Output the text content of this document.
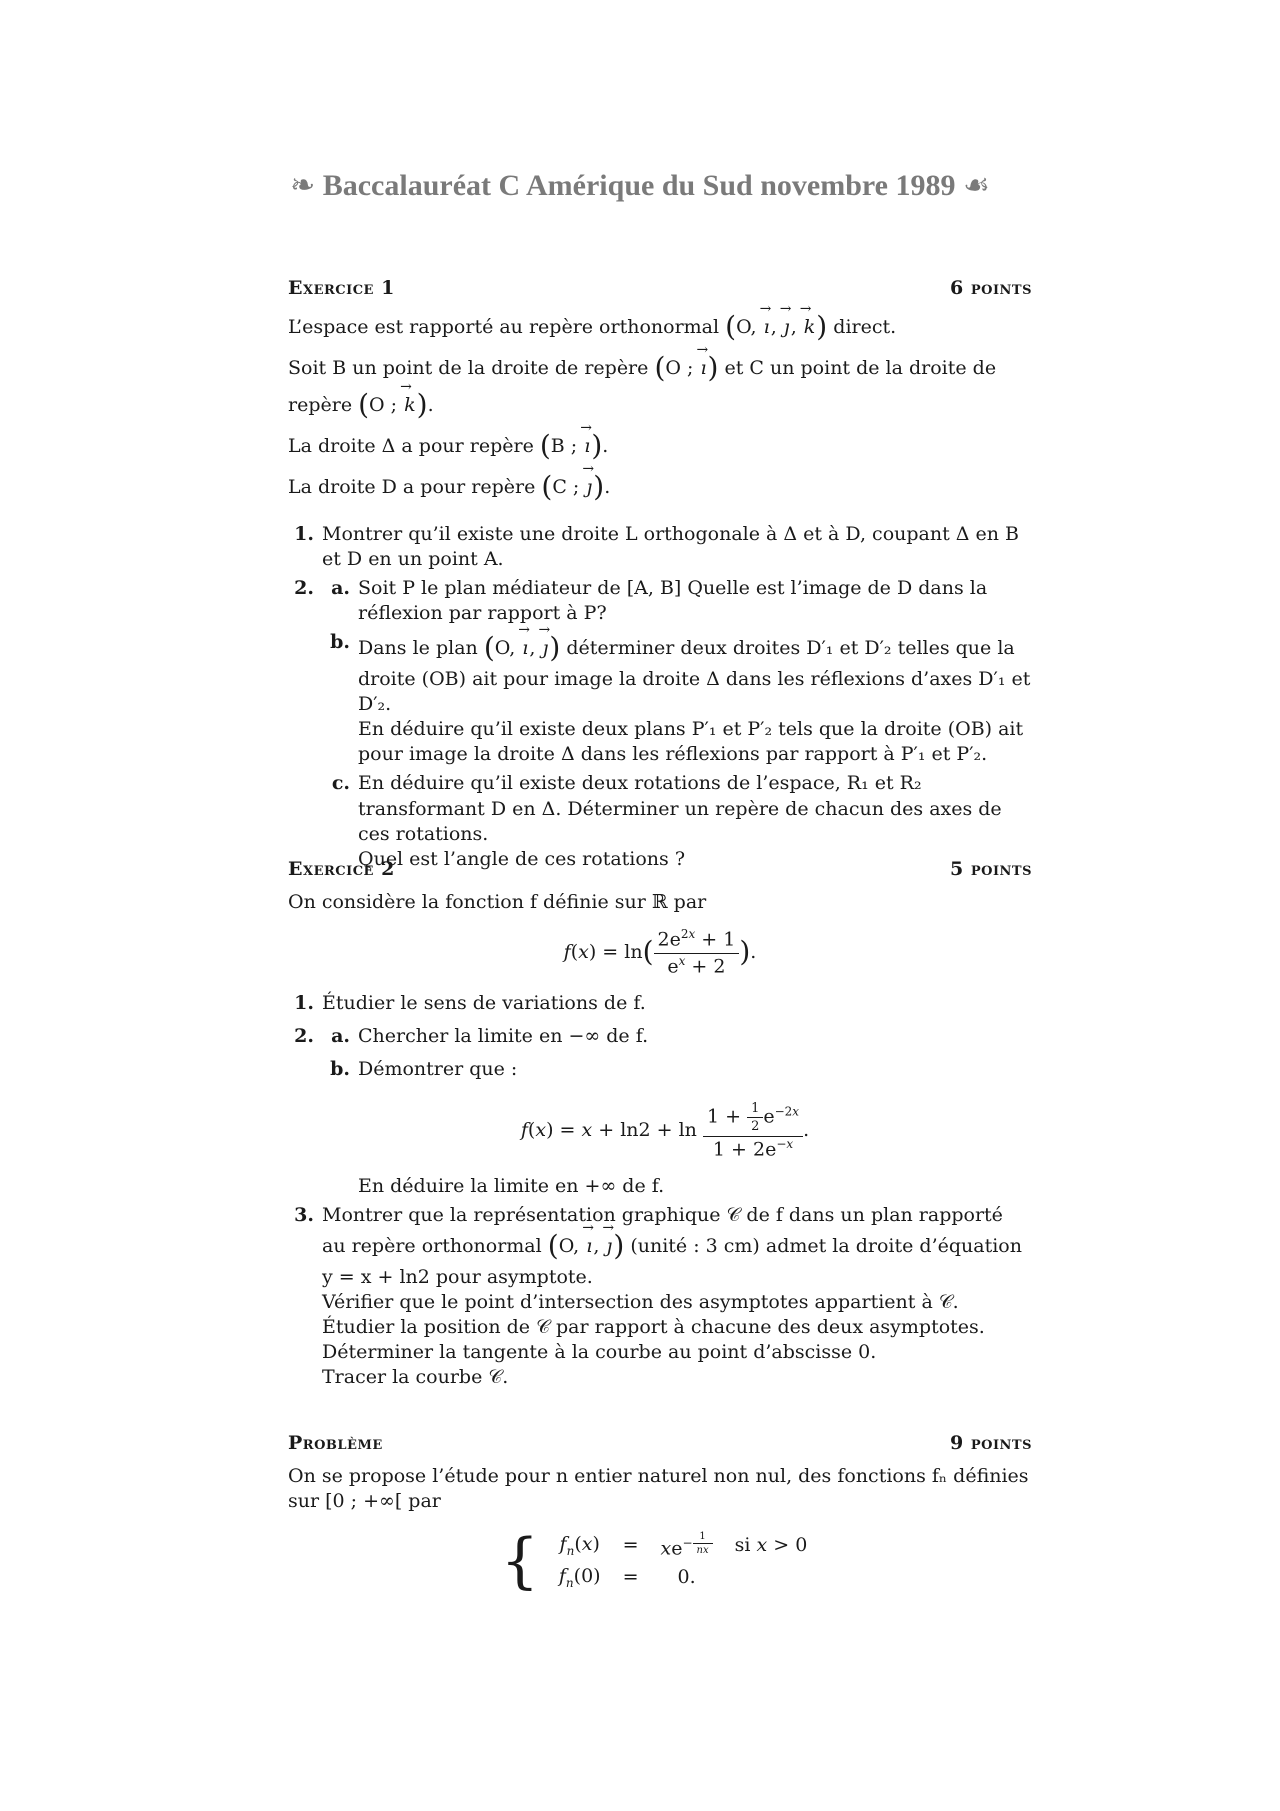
❧ Baccalauréat C Amérique du Sud novembre 1989 ☙
Exercice 1	6 points

L’espace est rapporté au repère orthonormal (O, → ı, → ȷ, → k) direct.

Soit B un point de la droite de repère (O ; → ı) et C un point de la droite de repère (O ; → k).

La droite Δ a pour repère (B ; → ı).

La droite D a pour repère (C ; → ȷ).

1. Montrer qu’il existe une droite L orthogonale à Δ et à D, coupant Δ en B et D en un point A.
2. a. Soit P le plan médiateur de [A, B] Quelle est l’image de D dans la réflexion par rapport à P?
b. Dans le plan (O, → ı, → ȷ) déterminer deux droites D′₁ et D′₂ telles que la droite (OB) ait pour image la droite Δ dans les réflexions d’axes D′₁ et D′₂.
En déduire qu’il existe deux plans P′₁ et P′₂ tels que la droite (OB) ait pour image la droite Δ dans les réflexions par rapport à P′₁ et P′₂.
c. En déduire qu’il existe deux rotations de l’espace, R₁ et R₂ transformant D en Δ. Déterminer un repère de chacun des axes de ces rotations.
Quel est l’angle de ces rotations ?
Exercice 2	5 points

On considère la fonction f définie sur ℝ par

$f(x) = \ln( \frac{2e^{2x} + 1}{e^x + 2}$ ).
1. Étudier le sens de variations de f.
2. a. Chercher la limite en −∞ de f.
b. Démontrer que :
$f(x) = x + \ln 2 + \ln \frac{1 + \frac{1}{2} e^{-2x}}{1 + 2e^{-x}}$ .
En déduire la limite en +∞ de f.
3. Montrer que la représentation graphique 𝒞 de f dans un plan rapporté au repère orthonormal (O, → ı, → ȷ) (unité : 3 cm) admet la droite d’équation y = x + ln2 pour asymptote.
Vérifier que le point d’intersection des asymptotes appartient à 𝒞. Étudier la position de 𝒞 par rapport à chacune des deux asymptotes.
Déterminer la tangente à la courbe au point d’abscisse 0.
Tracer la courbe 𝒞.
Problème	9 points

On se propose l’étude pour n entier naturel non nul, des fonctions fₙ définies sur [0 ; +∞[ par

{ $f_n(x)$	=	$xe^{- \frac{1}{nx}}$	si x > 0
$f_n(0)$	=	0.	
